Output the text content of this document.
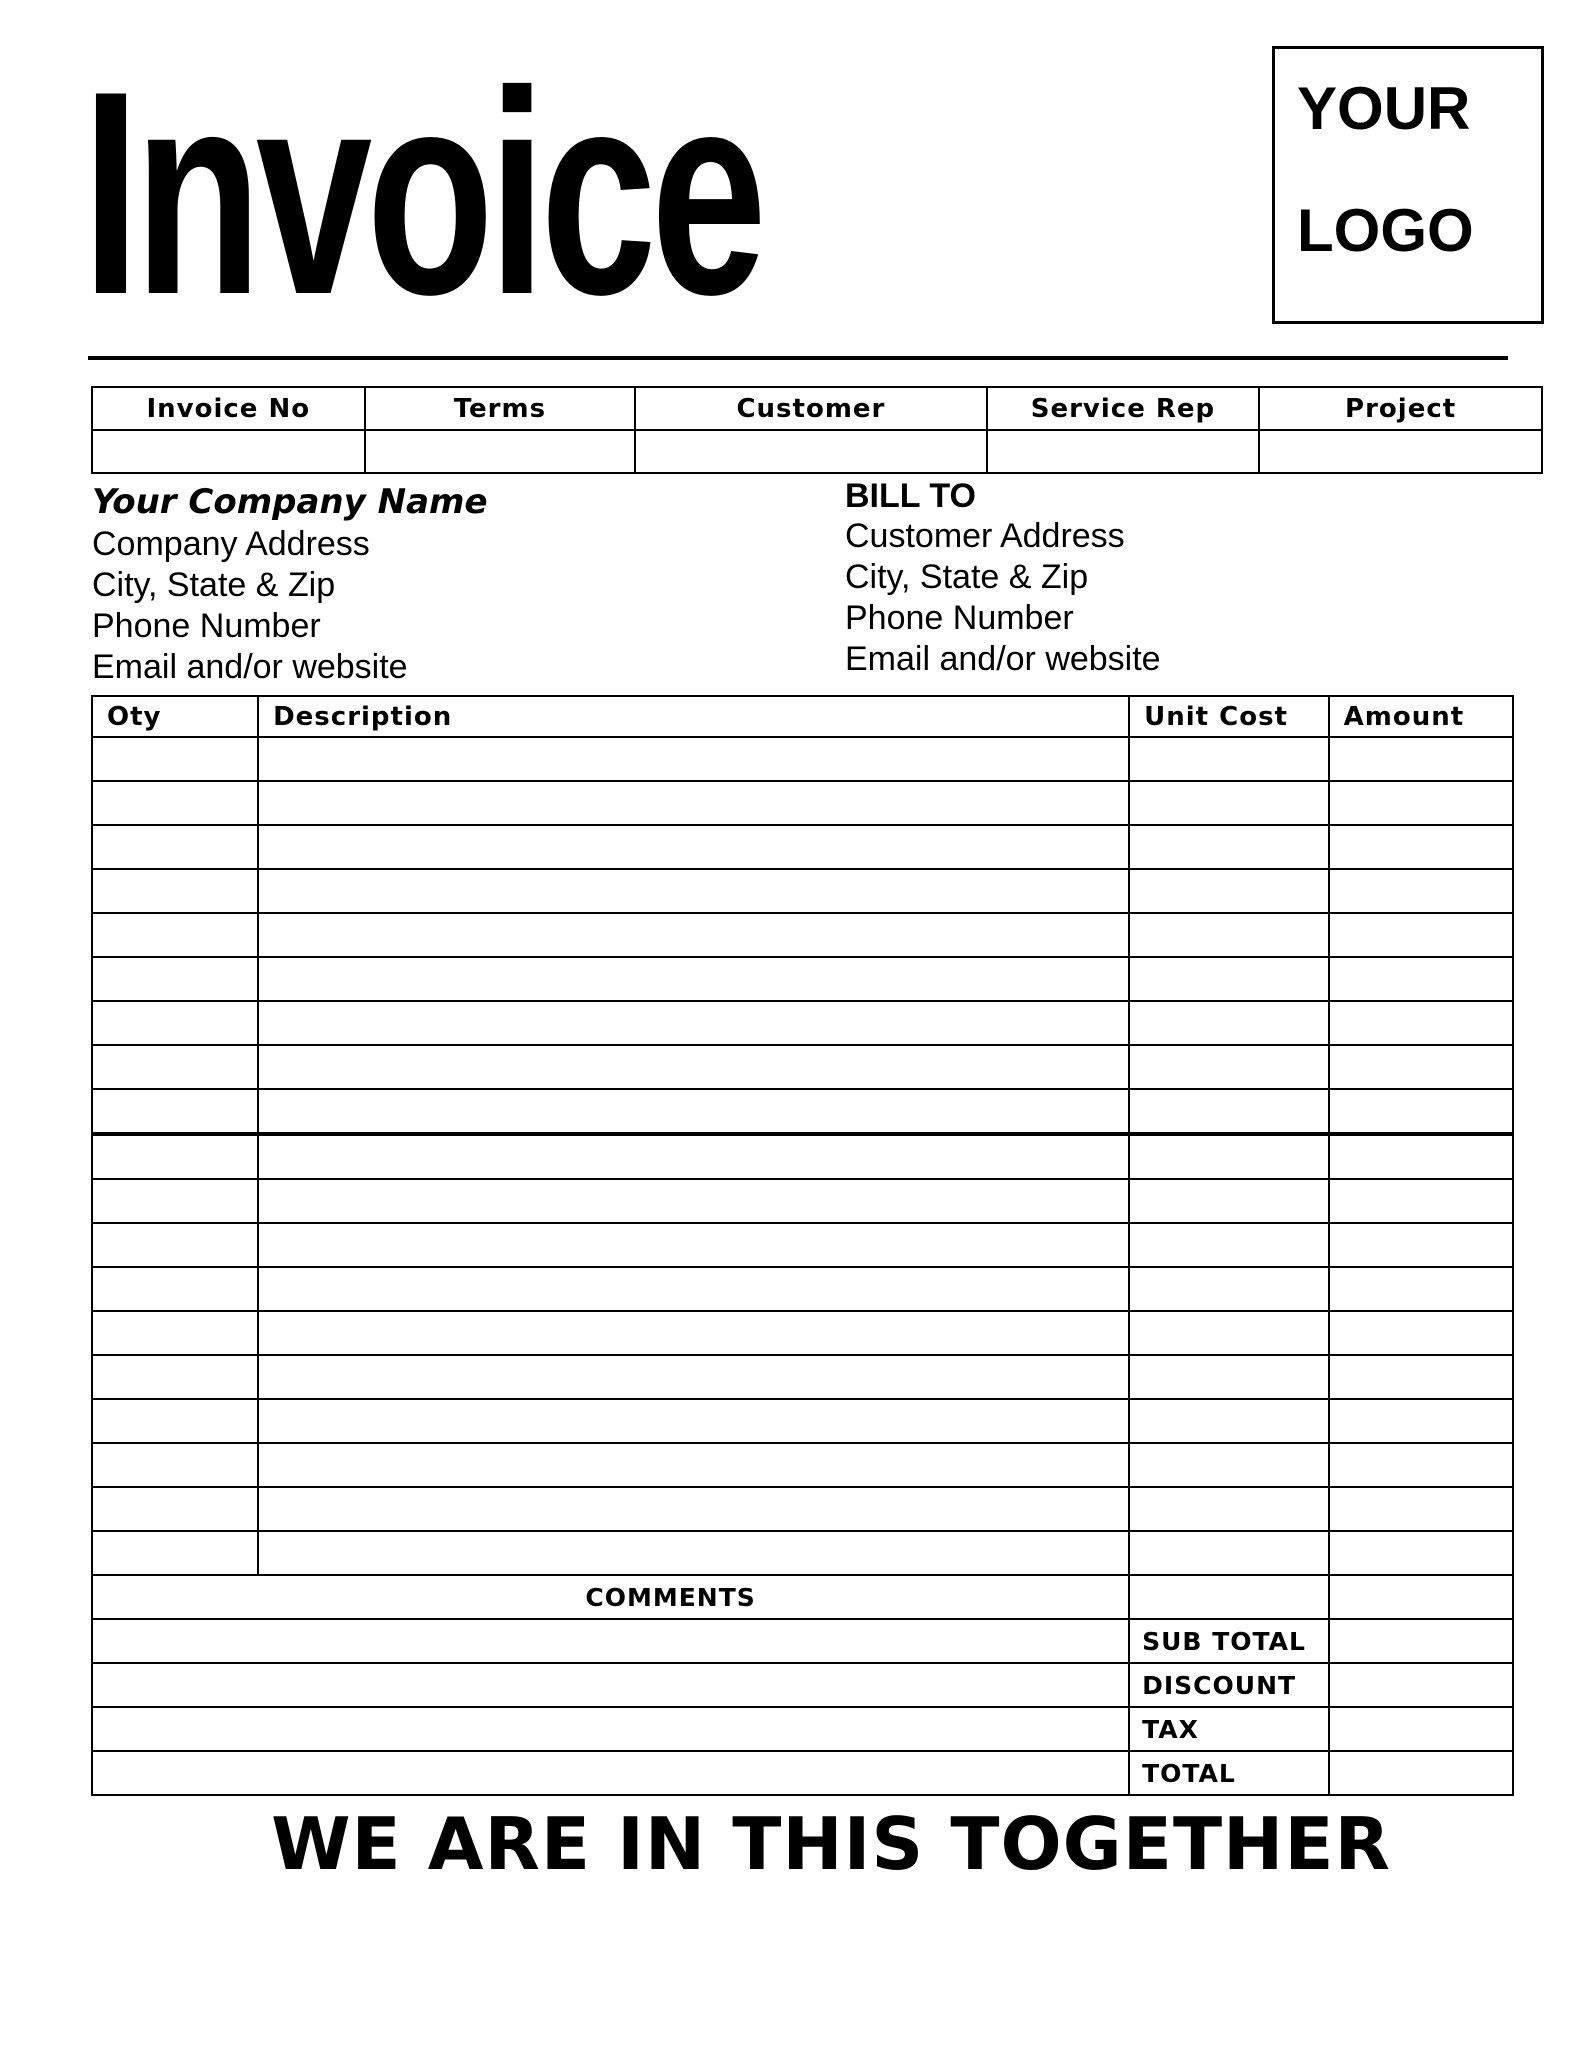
Invoice	YOUR
LOGO
Invoice No	Terms	Customer	Service Rep	Project

Your Company Name
Company Address
City, State & Zip
Phone Number
Email and/or website
BILL TO
Customer Address
City, State & Zip
Phone Number
Email and/or website
Oty	Description	Unit Cost	Amount

COMMENTS			
		SUB TOTAL	
		DISCOUNT	
		TAX	
		TOTAL	
WE ARE IN THIS TOGETHER
